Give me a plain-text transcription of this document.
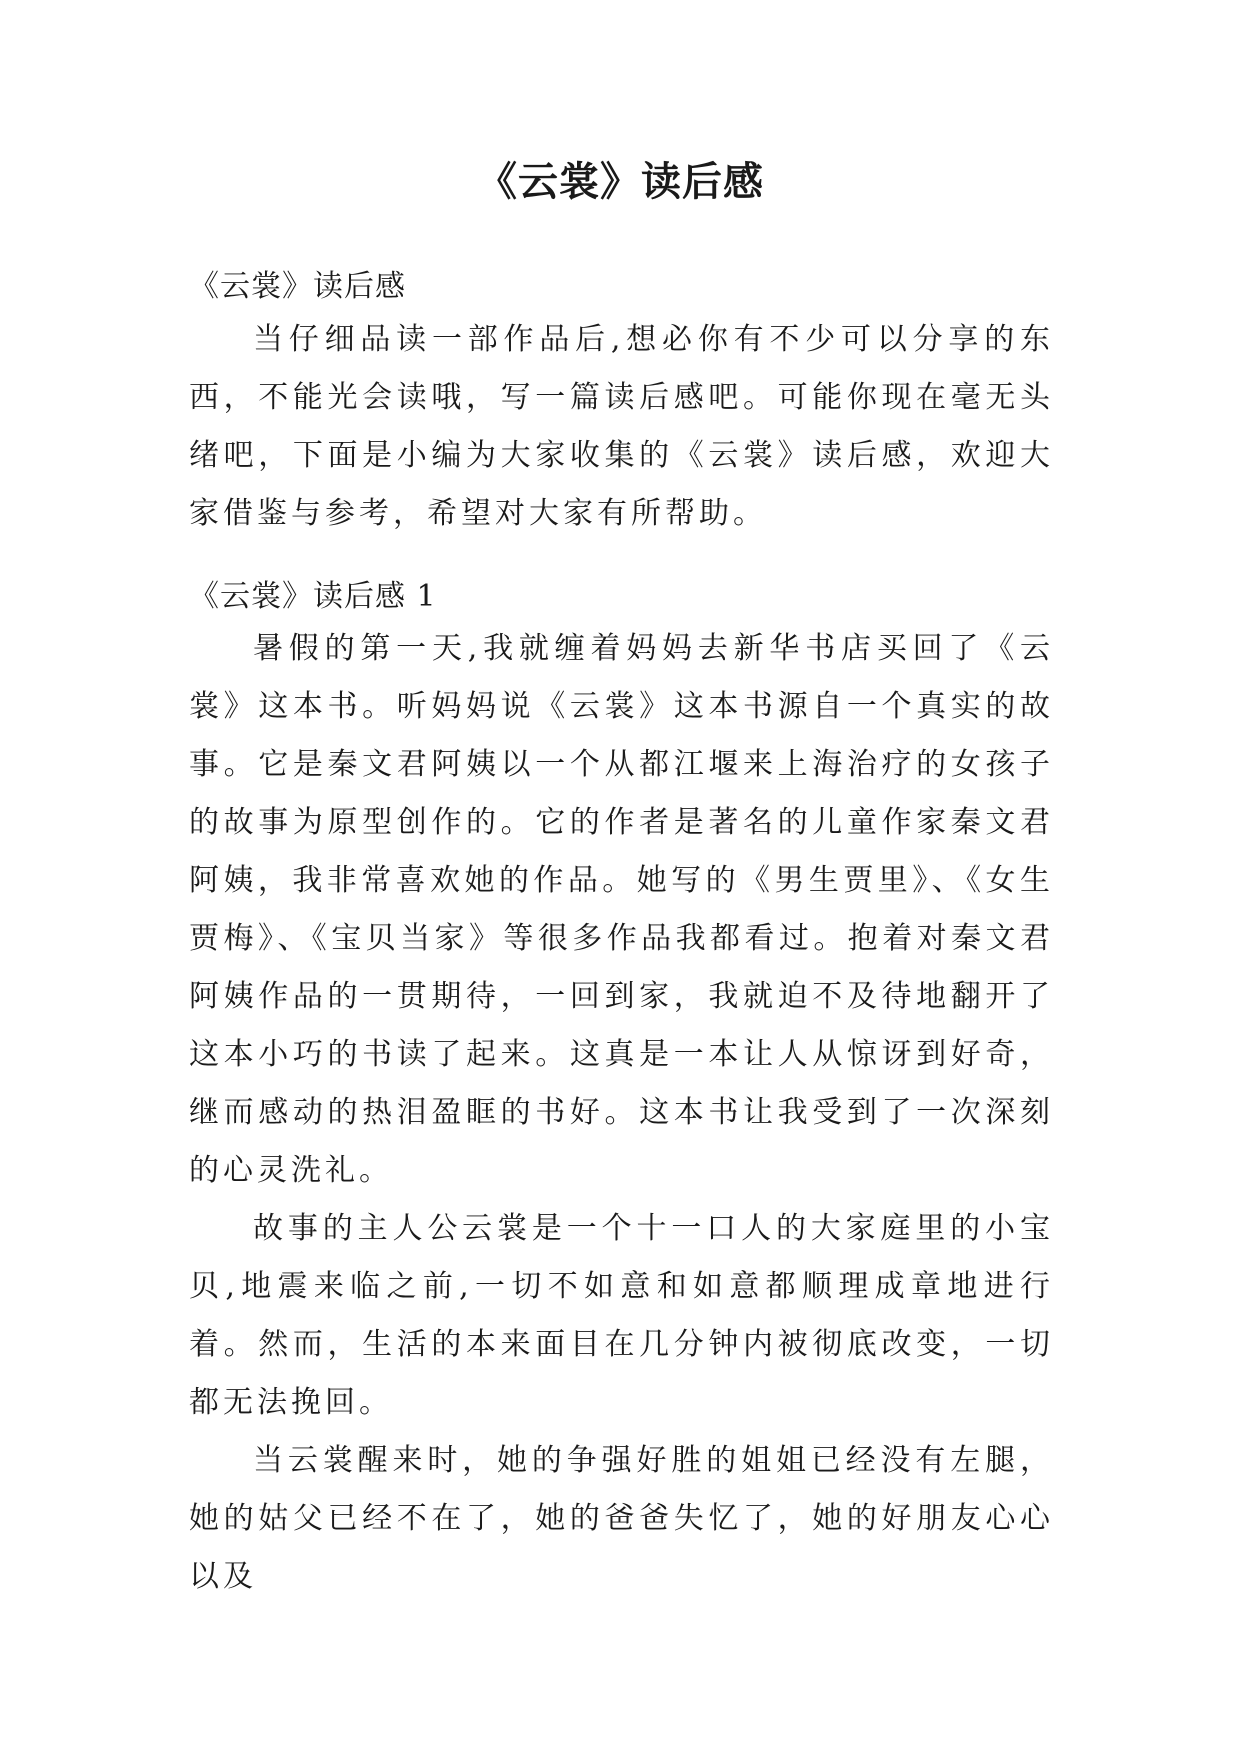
《云裳》读后感
《云裳》读后感

当仔细品读一部作品后,想必你有不少可以分享的东西，不能光会读哦，写一篇读后感吧。可能你现在毫无头绪吧，下面是小编为大家收集的《云裳》读后感，欢迎大家借鉴与参考，希望对大家有所帮助。

《云裳》读后感 1

暑假的第一天,我就缠着妈妈去新华书店买回了《云裳》这本书。听妈妈说《云裳》这本书源自一个真实的故事。它是秦文君阿姨以一个从都江堰来上海治疗的女孩子的故事为原型创作的。它的作者是著名的儿童作家秦文君阿姨，我非常喜欢她的作品。她写的《男生贾里》、《女生贾梅》、《宝贝当家》等很多作品我都看过。抱着对秦文君阿姨作品的一贯期待，一回到家，我就迫不及待地翻开了这本小巧的书读了起来。这真是一本让人从惊讶到好奇，继而感动的热泪盈眶的书好。这本书让我受到了一次深刻的心灵洗礼。

故事的主人公云裳是一个十一口人的大家庭里的小宝贝,地震来临之前,一切不如意和如意都顺理成章地进行着。然而，生活的本来面目在几分钟内被彻底改变，一切都无法挽回。

当云裳醒来时，她的争强好胜的姐姐已经没有左腿，她的姑父已经不在了，她的爸爸失忆了，她的好朋友心心以及
